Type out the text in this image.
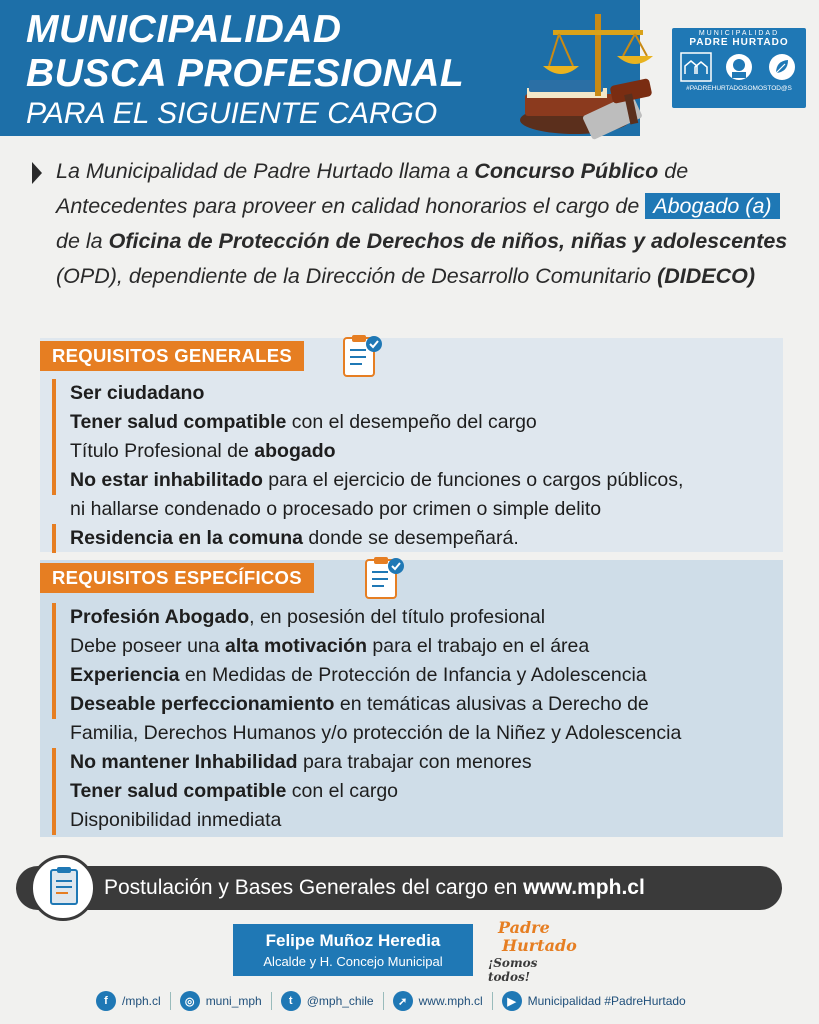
MUNICIPALIDAD
BUSCA PROFESIONAL
PARA EL SIGUIENTE CARGO
MUNICIPALIDAD
PADRE HURTADO
#PADREHURTADOSOMOSTOD@S
La Municipalidad de Padre Hurtado llama a Concurso Público de Antecedentes para proveer en calidad honorarios el cargo de Abogado (a) de la Oficina de Protección de Derechos de niños, niñas y adolescentes (OPD), dependiente de la Dirección de Desarrollo Comunitario (DIDECO)
REQUISITOS GENERALES
Ser ciudadano
Tener salud compatible con el desempeño del cargo
Título Profesional de abogado
No estar inhabilitado para el ejercicio de funciones o cargos públicos,
ni hallarse condenado o procesado por crimen o simple delito
Residencia en la comuna donde se desempeñará.
REQUISITOS ESPECÍFICOS
Profesión Abogado, en posesión del título profesional
Debe poseer una alta motivación para el trabajo en el área
Experiencia en Medidas de Protección de Infancia y Adolescencia
Deseable perfeccionamiento en temáticas alusivas a Derecho de
Familia, Derechos Humanos y/o protección de la Niñez y Adolescencia
No mantener Inhabilidad para trabajar con menores
Tener salud compatible con el cargo
Disponibilidad inmediata
Postulación y Bases Generales del cargo en www.mph.cl
Felipe Muñoz Heredia
Alcalde y H. Concejo Municipal
Padre
Hurtado
¡Somos todos!
f	/mph.cl	◎ muni_mph	t	@mph_chile	➚ www.mph.cl	▶ Municipalidad #PadreHurtado
